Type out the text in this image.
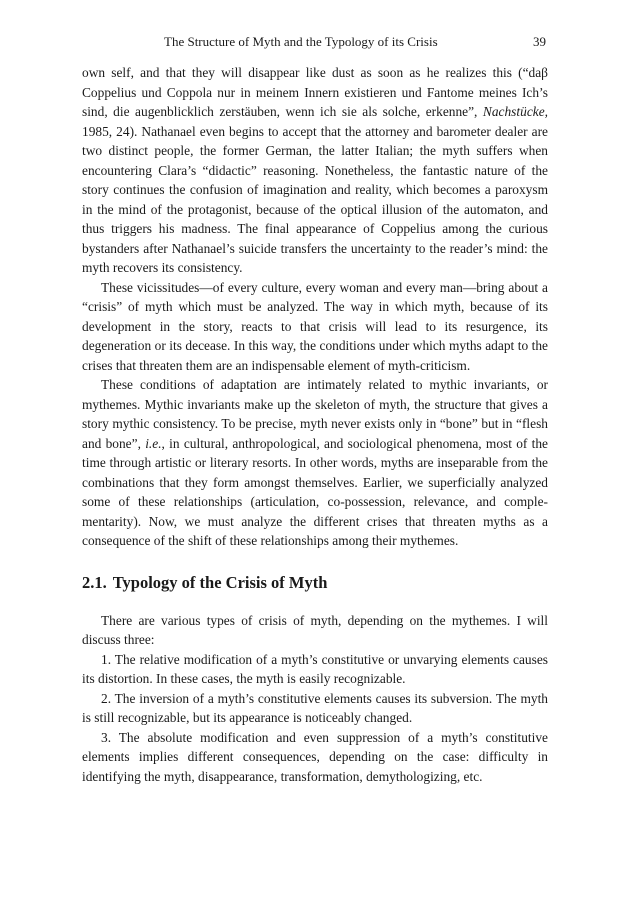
The Structure of Myth and the Typology of its Crisis	39

own self, and that they will disappear like dust as soon as he realizes this (“daβ Coppelius und Coppola nur in meinem Innern existieren und Fantome meines Ich’s sind, die augenblicklich zerstäuben, wenn ich sie als solche, erkenne”, Nachstücke, 1985, 24). Nathanael even begins to accept that the attorney and barometer dealer are two distinct people, the former German, the latter Italian; the myth suffers when encountering Clara’s “didactic” reasoning. Nonetheless, the fantastic nature of the story continues the confusion of imagination and reality, which becomes a paroxysm in the mind of the protagonist, because of the optical illusion of the automaton, and thus triggers his madness. The final appearance of Coppelius among the curious bystanders after Nathanael’s suicide transfers the uncertainty to the reader’s mind: the myth recovers its consistency.

These vicissitudes—of every culture, every woman and every man—bring about a “crisis” of myth which must be analyzed. The way in which myth, because of its development in the story, reacts to that crisis will lead to its resurgence, its degeneration or its decease. In this way, the conditions under which myths adapt to the crises that threaten them are an indispensable element of myth-criticism.

These conditions of adaptation are intimately related to mythic invariants, or mythemes. Mythic invariants make up the skeleton of myth, the structure that gives a story mythic consistency. To be precise, myth never exists only in “bone” but in “flesh and bone”, i.e., in cultural, anthropological, and sociological phenomena, most of the time through artistic or literary resorts. In other words, myths are inseparable from the combinations that they form amongst themselves. Earlier, we superficially analyzed some of these relationships (articulation, co-possession, relevance, and complementarity). Now, we must analyze the different crises that threaten myths as a consequence of the shift of these relationships among their mythemes.

2.1. Typology of the Crisis of Myth

There are various types of crisis of myth, depending on the mythemes. I will discuss three:

1. The relative modification of a myth’s constitutive or unvarying elements causes its distortion. In these cases, the myth is easily recognizable.

2. The inversion of a myth’s constitutive elements causes its subversion. The myth is still recognizable, but its appearance is noticeably changed.

3. The absolute modification and even suppression of a myth’s constitutive elements implies different consequences, depending on the case: difficulty in identifying the myth, disappearance, transformation, demythologizing, etc.
